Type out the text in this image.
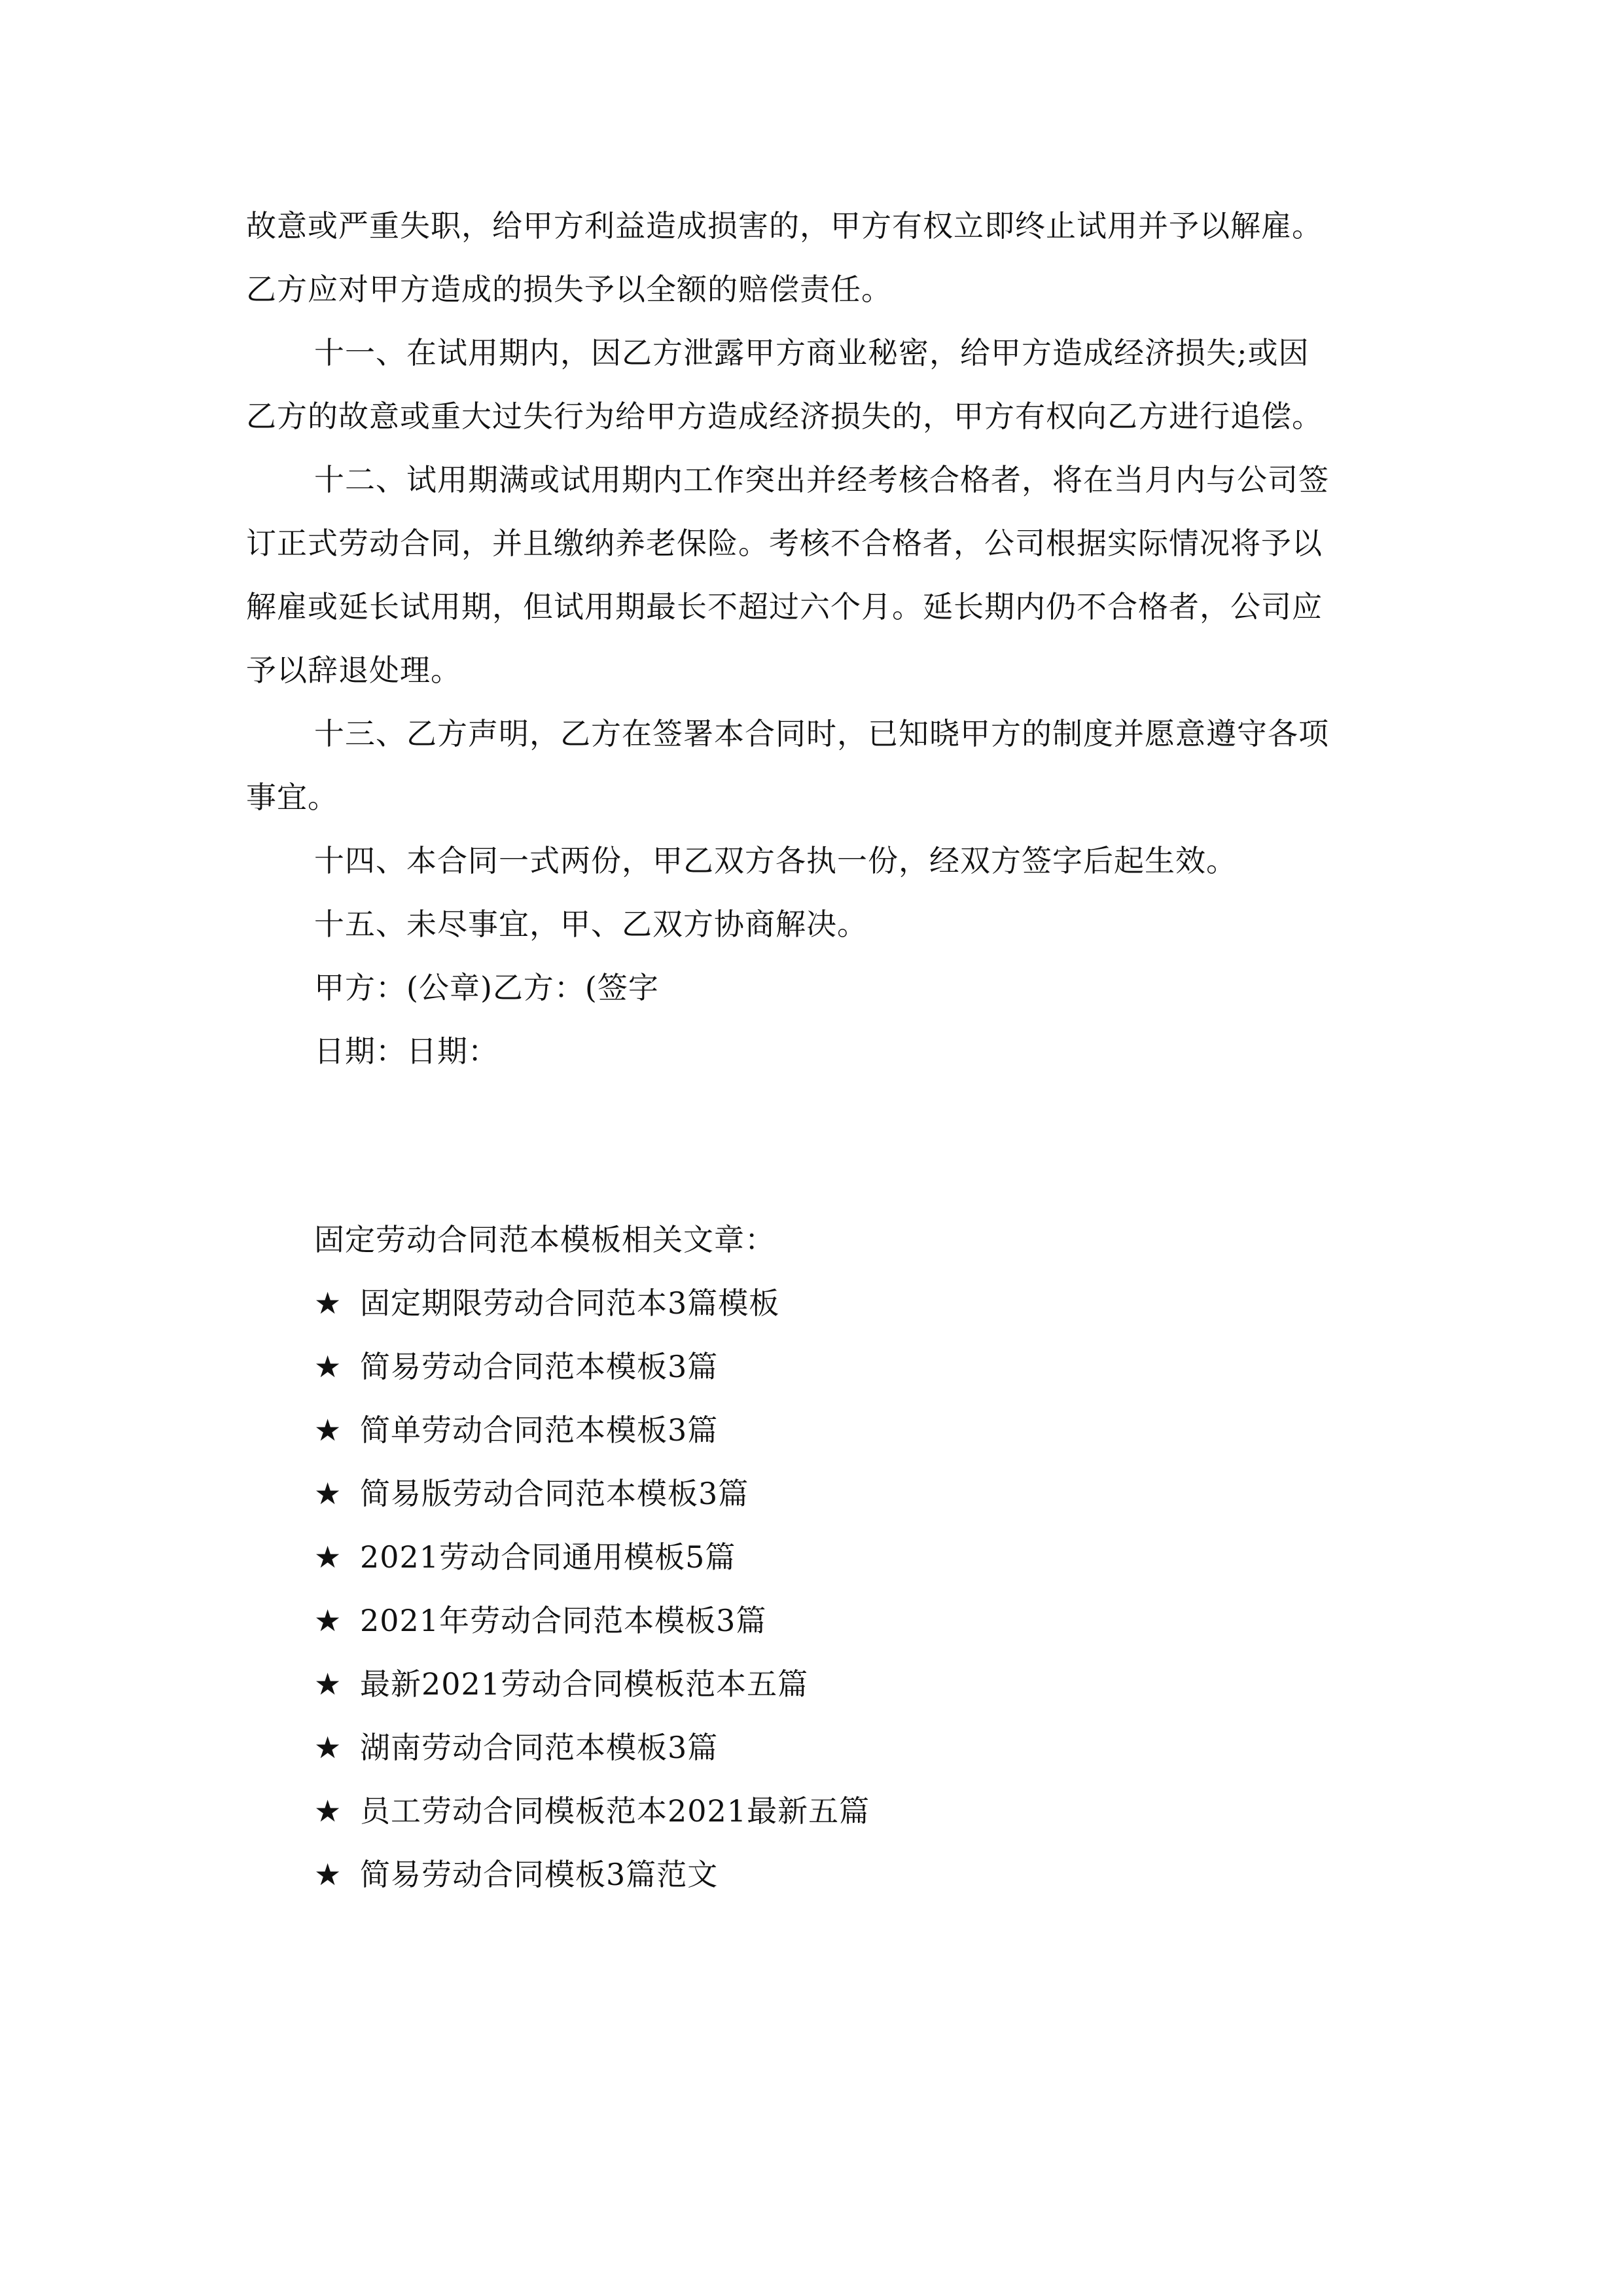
故意或严重失职，给甲方利益造成损害的，甲方有权立即终止试用并予以解雇。
乙方应对甲方造成的损失予以全额的赔偿责任。
十一、在试用期内，因乙方泄露甲方商业秘密，给甲方造成经济损失;或因
乙方的故意或重大过失行为给甲方造成经济损失的，甲方有权向乙方进行追偿。
十二、试用期满或试用期内工作突出并经考核合格者，将在当月内与公司签
订正式劳动合同，并且缴纳养老保险。考核不合格者，公司根据实际情况将予以
解雇或延长试用期，但试用期最长不超过六个月。延长期内仍不合格者，公司应
予以辞退处理。
十三、乙方声明，乙方在签署本合同时，已知晓甲方的制度并愿意遵守各项
事宜。
十四、本合同一式两份，甲乙双方各执一份，经双方签字后起生效。
十五、未尽事宜，甲、乙双方协商解决。
甲方：(公章)乙方：(签字
日期：日期：
固定劳动合同范本模板相关文章：
★ 固定期限劳动合同范本3篇模板
★ 简易劳动合同范本模板3篇
★ 简单劳动合同范本模板3篇
★ 简易版劳动合同范本模板3篇
★ 2021劳动合同通用模板5篇
★ 2021年劳动合同范本模板3篇
★ 最新2021劳动合同模板范本五篇
★ 湖南劳动合同范本模板3篇
★ 员工劳动合同模板范本2021最新五篇
★ 简易劳动合同模板3篇范文
